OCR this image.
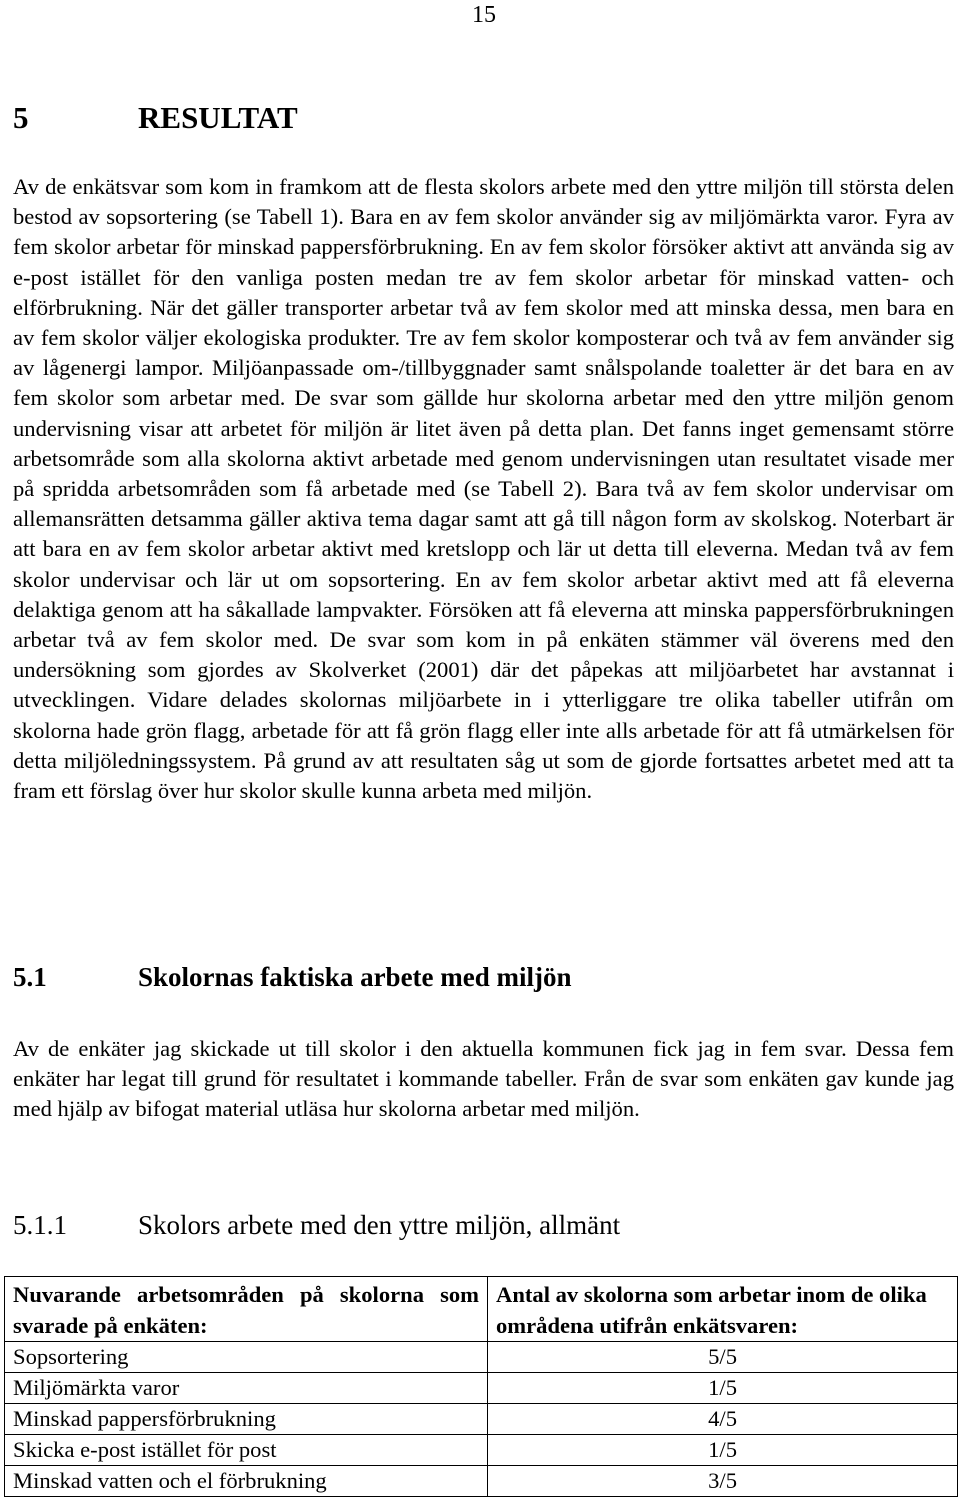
15
5	RESULTAT

Av de enkätsvar som kom in framkom att de flesta skolors arbete med den yttre miljön till största delen bestod av sopsortering (se Tabell 1). Bara en av fem skolor använder sig av miljömärkta varor. Fyra av fem skolor arbetar för minskad pappersförbrukning. En av fem skolor försöker aktivt att använda sig av e-post istället för den vanliga posten medan tre av fem skolor arbetar för minskad vatten- och elförbrukning. När det gäller transporter arbetar två av fem skolor med att minska dessa, men bara en av fem skolor väljer ekologiska produkter. Tre av fem skolor komposterar och två av fem använder sig av lågenergi lampor. Miljöanpassade om-/tillbyggnader samt snålspolande toaletter är det bara en av fem skolor som arbetar med. De svar som gällde hur skolorna arbetar med den yttre miljön genom undervisning visar att arbetet för miljön är litet även på detta plan. Det fanns inget gemensamt större arbetsområde som alla skolorna aktivt arbetade med genom undervisningen utan resultatet visade mer på spridda arbetsområden som få arbetade med (se Tabell 2). Bara två av fem skolor undervisar om allemansrätten detsamma gäller aktiva tema dagar samt att gå till någon form av skolskog. Noterbart är att bara en av fem skolor arbetar aktivt med kretslopp och lär ut detta till eleverna. Medan två av fem skolor undervisar och lär ut om sopsortering. En av fem skolor arbetar aktivt med att få eleverna delaktiga genom att ha såkallade lampvakter. Försöken att få eleverna att minska pappersförbrukningen arbetar två av fem skolor med. De svar som kom in på enkäten stämmer väl överens med den undersökning som gjordes av Skolverket (2001) där det påpekas att miljöarbetet har avstannat i utvecklingen. Vidare delades skolornas miljöarbete in i ytterliggare tre olika tabeller utifrån om skolorna hade grön flagg, arbetade för att få grön flagg eller inte alls arbetade för att få utmärkelsen för detta miljöledningssystem. På grund av att resultaten såg ut som de gjorde fortsattes arbetet med att ta fram ett förslag över hur skolor skulle kunna arbeta med miljön.

5.1	Skolornas faktiska arbete med miljön

Av de enkäter jag skickade ut till skolor i den aktuella kommunen fick jag in fem svar. Dessa fem enkäter har legat till grund för resultatet i kommande tabeller. Från de svar som enkäten gav kunde jag med hjälp av bifogat material utläsa hur skolorna arbetar med miljön.

5.1.1	Skolors arbete med den yttre miljön, allmänt
Nuvarande arbetsområden på skolorna som svarade på enkäten:	Antal av skolorna som arbetar inom de olika områdena utifrån enkätsvaren:
Sopsortering	5/5
Miljömärkta varor	1/5
Minskad pappersförbrukning	4/5
Skicka e-post istället för post	1/5
Minskad vatten och el förbrukning	3/5
